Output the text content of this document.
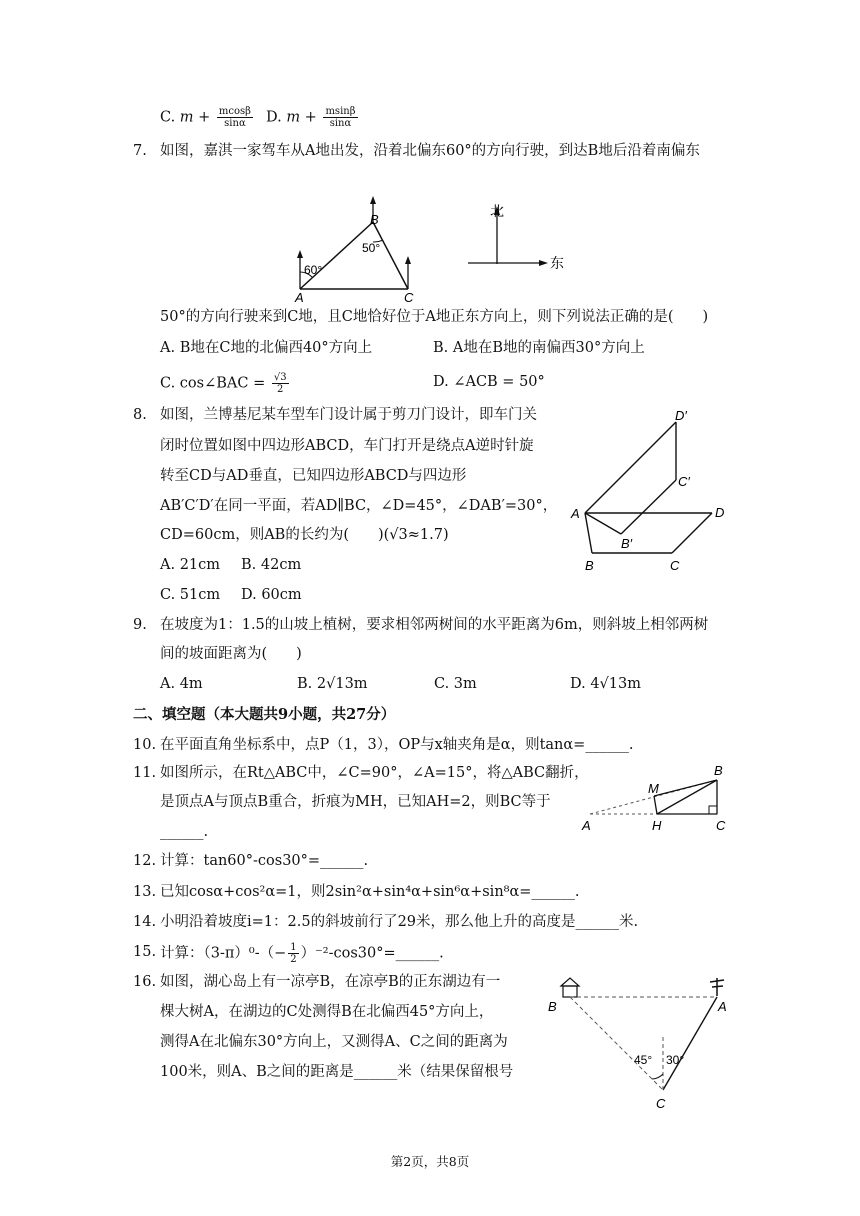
C. $m + \frac{mcos\beta}{\sin\alpha} D$. $m + \frac{msin\beta}{\sin\alpha}$
7. 如图，嘉淇一家驾车从A地出发，沿着北偏东60°的方向行驶，到达B地后沿着南偏东
A
B
C
60°
50°
北
东
50°的方向行驶来到C地，且C地恰好位于A地正东方向上，则下列说法正确的是(　　)
A. B地在C地的北偏西40°方向上	B. A地在B地的南偏西30°方向上
C. cos∠BAC = $\frac{√3}{2}$	D. ∠ACB = 50°
8. 如图，兰博基尼某车型车门设计属于剪刀门设计，即车门关
闭时位置如图中四边形ABCD，车门打开是绕点A逆时针旋
转至CD与AD垂直，已知四边形ABCD与四边形
AB′C′D′在同一平面，若AD∥BC，∠D=45°，∠DAB′=30°，
CD=60cm，则AB的长约为(　　)(√3≈1.7)
A. 21cm B. 42cm
C. 51cm D. 60cm
A
B	C
D
B′
C′
D′
9. 在坡度为1：1.5的山坡上植树，要求相邻两树间的水平距离为6m，则斜坡上相邻两树
间的坡面距离为(　　)
A. 4m	B. 2√13m	C. 3m	D. 4√13m
二、填空题（本大题共9小题，共27分）
10. 在平面直角坐标系中，点P（1，3），OP与x轴夹角是α，则tanα=______.
11. 如图所示，在Rt△ABC中，∠C=90°，∠A=15°，将△ABC翻折，
是顶点A与顶点B重合，折痕为MH，已知AH=2，则BC等于
______.	A
B
C
M
H
12. 计算：tan60°-cos30°=______.
13. 已知cosα+cos²α=1，则2sin²α+sin⁴α+sin⁶α+sin⁸α=______.
14. 小明沿着坡度i=1：2.5的斜坡前行了29米，那么他上升的高度是______米.
15. 计算：$(3-\pi)^0-(- \frac{1}{2}$ ）⁻²-cos30°=______.
16. 如图，湖心岛上有一凉亭B，在凉亭B的正东湖边有一
棵大树A，在湖边的C处测得B在北偏西45°方向上，
测得A在北偏东30°方向上，又测得A、C之间的距离为
100米，则A、B之间的距离是______米（结果保留根号
B	A
C
45° 30°
第2页，共8页
